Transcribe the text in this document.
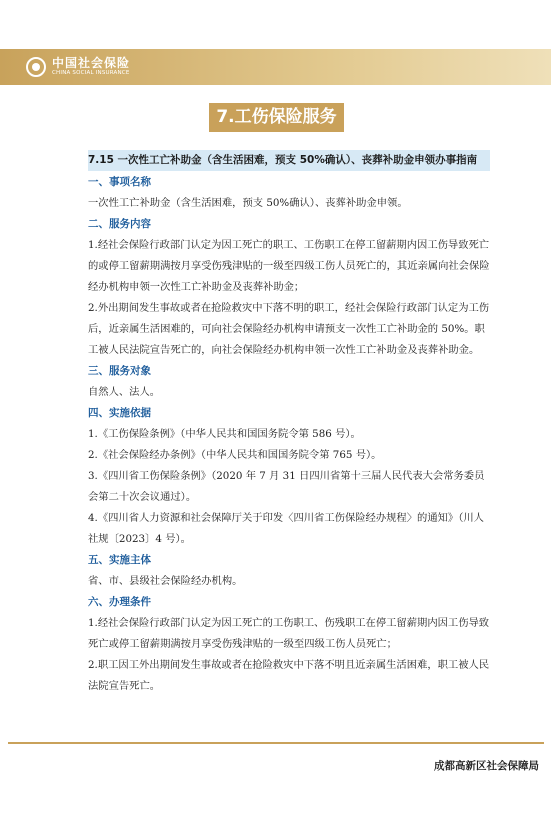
中国社会保险
CHINA SOCIAL INSURANCE
7.工伤保险服务
7.15 一次性工亡补助金（含生活困难，预支 50%确认）、丧葬补助金申领办事指南
一、事项名称
一次性工亡补助金（含生活困难，预支 50%确认）、丧葬补助金申领。
二、服务内容
1.经社会保险行政部门认定为因工死亡的职工、工伤职工在停工留薪期内因工伤导致死亡的或停工留薪期满按月享受伤残津贴的一级至四级工伤人员死亡的，其近亲属向社会保险经办机构申领一次性工亡补助金及丧葬补助金；
2.外出期间发生事故或者在抢险救灾中下落不明的职工，经社会保险行政部门认定为工伤后，近亲属生活困难的，可向社会保险经办机构申请预支一次性工亡补助金的 50%。职工被人民法院宣告死亡的，向社会保险经办机构申领一次性工亡补助金及丧葬补助金。
三、服务对象
自然人、法人。
四、实施依据
1.《工伤保险条例》（中华人民共和国国务院令第 586 号）。
2.《社会保险经办条例》（中华人民共和国国务院令第 765 号）。
3.《四川省工伤保险条例》（2020 年 7 月 31 日四川省第十三届人民代表大会常务委员会第二十次会议通过）。
4.《四川省人力资源和社会保障厅关于印发〈四川省工伤保险经办规程〉的通知》（川人社规〔2023〕4 号）。
五、实施主体
省、市、县级社会保险经办机构。
六、办理条件
1.经社会保险行政部门认定为因工死亡的工伤职工、伤残职工在停工留薪期内因工伤导致死亡或停工留薪期满按月享受伤残津贴的一级至四级工伤人员死亡；
2.职工因工外出期间发生事故或者在抢险救灾中下落不明且近亲属生活困难，职工被人民法院宣告死亡。
成都高新区社会保障局
